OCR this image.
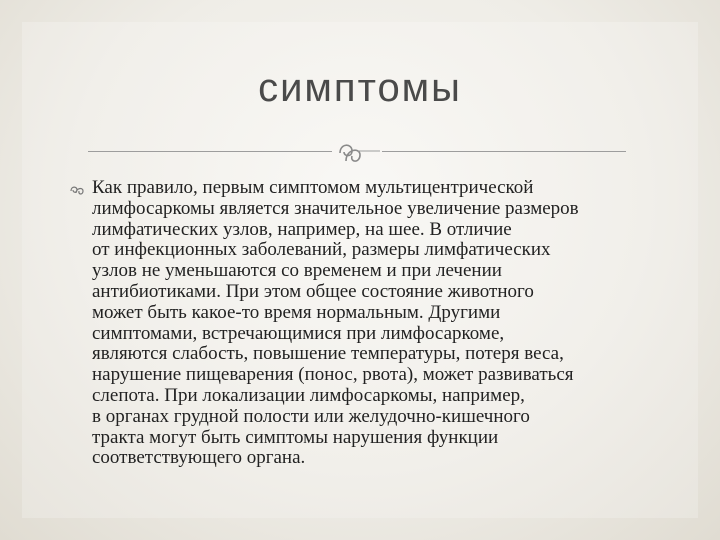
симптомы
Как правило, первым симптомом мультицентрической
лимфосаркомы является значительное увеличение размеров
лимфатических узлов, например, на шее. В отличие
от инфекционных заболеваний, размеры лимфатических
узлов не уменьшаются со временем и при лечении
антибиотиками. При этом общее состояние животного
может быть какое-то время нормальным. Другими
симптомами, встречающимися при лимфосаркоме,
являются слабость, повышение температуры, потеря веса,
нарушение пищеварения (понос, рвота), может развиваться
слепота. При локализации лимфосаркомы, например,
в органах грудной полости или желудочно-кишечного
тракта могут быть симптомы нарушения функции
соответствующего органа.
